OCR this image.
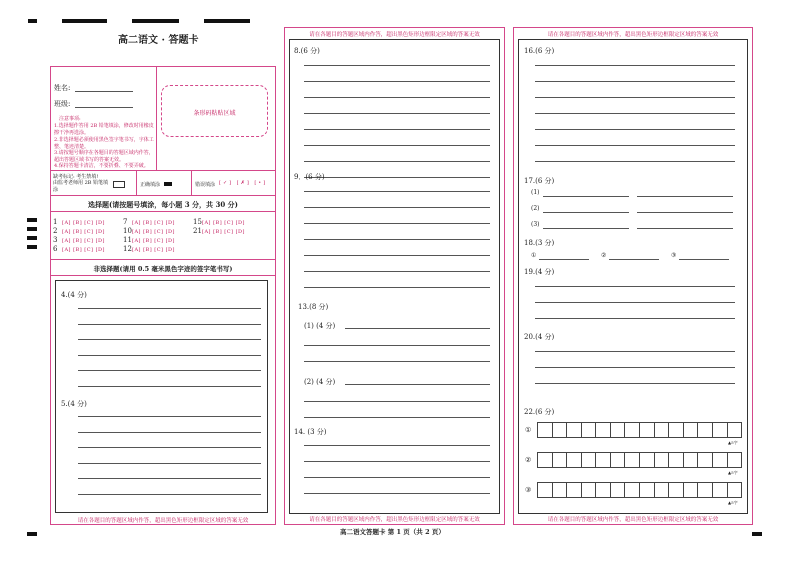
高二语文 · 答题卡
姓名:
班级:
注意事项:
1.选择题作答用 2B 铅笔填涂，修改时用橡皮
擦干净再选涂。
2.非选择题必须使用黑色签字笔书写，字体工整、笔迹清楚。
3.请按题号顺序在各题目的答题区域内作答，超出答题区域书写的答案无效。
4.保持答题卡清洁，不要折叠、不要弄破。
条形码粘贴区域
缺考标记: 考生禁填!
由监考老师用 2B 铅笔填涂
正确填涂	错误填涂 [✓] [✗] [•]
选择题(请按题号填涂，每小题 3 分，共 30 分)
1 [A] [B] [C] [D]
2 [A] [B] [C] [D]
3 [A] [B] [C] [D]
6 [A] [B] [C] [D]
7 [A] [B] [C] [D]
10[A] [B] [C] [D]
11[A] [B] [C] [D]
12[A] [B] [C] [D]
15[A] [B] [C] [D]
21[A] [B] [C] [D]
非选择题(请用 0.5 毫米黑色字迹的签字笔书写)
4.(4 分)
5.(4 分)
请在各题目的答题区域内作答，超出黑色矩形边框限定区域的答案无效
请在各题目的答题区域内作答，超出黑色矩形边框限定区域的答案无效
8.(6 分)
9．(6 分)
13.(8 分)
(1) (4 分)
(2) (4 分)
14. (3 分)
请在各题目的答题区域内作答，超出黑色矩形边框限定区域的答案无效
请在各题目的答题区域内作答，超出黑色矩形边框限定区域的答案无效
16.(6 分)
17.(6 分)
(1)
(2)
(3)
18.(3 分)
①	②	③
19.(4 分)
20.(4 分)
22.(6 分)
①
▲5字
②
▲5字
③
▲5字
请在各题目的答题区域内作答，超出黑色矩形边框限定区域的答案无效
高二语文答题卡 第 1 页（共 2 页）
